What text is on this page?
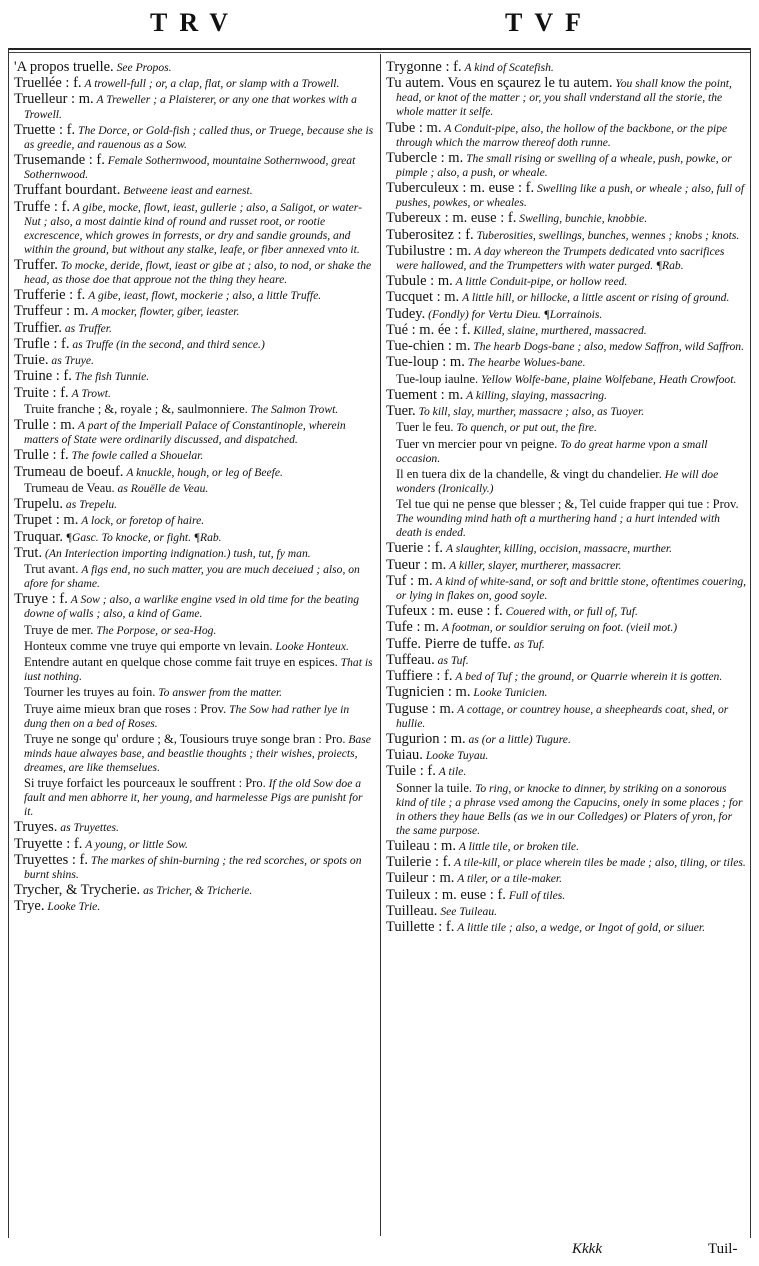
TRV	TVF
'A propos truelle. See Propos.
Truellée : f. A trowell-full ; or, a clap, flat, or slamp with a Trowell.
Truelleur : m. A Treweller ; a Plaisterer, or any one that workes with a Trowell.
Truette : f. The Dorce, or Gold-fish ; called thus, or Truege, because she is as greedie, and rauenous as a Sow.
Trusemande : f. Female Sothernwood, mountaine Sothernwood, great Sothernwood.
Truffant bourdant. Betweene ieast and earnest.
Truffe : f. A gibe, mocke, flowt, ieast, gullerie ; also, a Saligot, or water-Nut ; also, a most daintie kind of round and russet root, or rootie excrescence, which growes in forrests, or dry and sandie grounds, and within the ground, but without any stalke, leafe, or fiber annexed vnto it.
Truffer. To mocke, deride, flowt, ieast or gibe at ; also, to nod, or shake the head, as those doe that approue not the thing they heare.
Trufferie : f. A gibe, ieast, flowt, mockerie ; also, a little Truffe.
Truffeur : m. A mocker, flowter, giber, ieaster.
Truffier. as Truffer.
Trufle : f. as Truffe (in the second, and third sence.)
Truie. as Truye.
Truine : f. The fish Tunnie.
Truite : f. A Trowt.
Truite franche ; &, royale ; &, saulmonniere. The Salmon Trowt.
Trulle : m. A part of the Imperiall Palace of Constantinople, wherein matters of State were ordinarily discussed, and dispatched.
Trulle : f. The fowle called a Shouelar.
Trumeau de boeuf. A knuckle, hough, or leg of Beefe.
Trumeau de Veau. as Rouëlle de Veau.
Trupelu. as Trepelu.
Trupet : m. A lock, or foretop of haire.
Truquar. ¶Gasc. To knocke, or fight. ¶Rab.
Trut. (An Interiection importing indignation.) tush, tut, fy man.
Trut avant. A figs end, no such matter, you are much deceiued ; also, on afore for shame.
Truye : f. A Sow ; also, a warlike engine vsed in old time for the beating downe of walls ; also, a kind of Game.
Truye de mer. The Porpose, or sea-Hog.
Honteux comme vne truye qui emporte vn levain. Looke Honteux.
Entendre autant en quelque chose comme fait truye en espices. That is iust nothing.
Tourner les truyes au foin. To answer from the matter.
Truye aime mieux bran que roses : Prov. The Sow had rather lye in dung then on a bed of Roses.
Truye ne songe qu' ordure ; &, Tousiours truye songe bran : Pro. Base minds haue alwayes base, and beastlie thoughts ; their wishes, proiects, dreames, are like themselues.
Si truye forfaict les pourceaux le souffrent : Pro. If the old Sow doe a fault and men abhorre it, her young, and harmelesse Pigs are punisht for it.
Truyes. as Truyettes.
Truyette : f. A young, or little Sow.
Truyettes : f. The markes of shin-burning ; the red scorches, or spots on burnt shins.
Trycher, & Trycherie. as Tricher, & Tricherie.
Trye. Looke Trie.
Trygonne : f. A kind of Scatefish.
Tu autem. Vous en sçaurez le tu autem. You shall know the point, head, or knot of the matter ; or, you shall vnderstand all the storie, the whole matter it selfe.
Tube : m. A Conduit-pipe, also, the hollow of the backbone, or the pipe through which the marrow thereof doth runne.
Tubercle : m. The small rising or swelling of a wheale, push, powke, or pimple ; also, a push, or wheale.
Tuberculeux : m. euse : f. Swelling like a push, or wheale ; also, full of pushes, powkes, or wheales.
Tubereux : m. euse : f. Swelling, bunchie, knobbie.
Tuberositez : f. Tuberosities, swellings, bunches, wennes ; knobs ; knots.
Tubilustre : m. A day whereon the Trumpets dedicated vnto sacrifices were hallowed, and the Trumpetters with water purged. ¶Rab.
Tubule : m. A little Conduit-pipe, or hollow reed.
Tucquet : m. A little hill, or hillocke, a little ascent or rising of ground.
Tudey. (Fondly) for Vertu Dieu. ¶Lorrainois.
Tué : m. ée : f. Killed, slaine, murthered, massacred.
Tue-chien : m. The hearb Dogs-bane ; also, medow Saffron, wild Saffron.
Tue-loup : m. The hearbe Wolues-bane.
Tue-loup iaulne. Yellow Wolfe-bane, plaine Wolfebane, Heath Crowfoot.
Tuement : m. A killing, slaying, massacring.
Tuer. To kill, slay, murther, massacre ; also, as Tuoyer.
Tuer le feu. To quench, or put out, the fire.
Tuer vn mercier pour vn peigne. To do great harme vpon a small occasion.
Il en tuera dix de la chandelle, & vingt du chandelier. He will doe wonders (Ironically.)
Tel tue qui ne pense que blesser ; &, Tel cuide frapper qui tue : Prov. The wounding mind hath oft a murthering hand ; a hurt intended with death is ended.
Tuerie : f. A slaughter, killing, occision, massacre, murther.
Tueur : m. A killer, slayer, murtherer, massacrer.
Tuf : m. A kind of white-sand, or soft and brittle stone, oftentimes couering, or lying in flakes on, good soyle.
Tufeux : m. euse : f. Couered with, or full of, Tuf.
Tufe : m. A footman, or souldior seruing on foot. (vieil mot.)
Tuffe. Pierre de tuffe. as Tuf.
Tuffeau. as Tuf.
Tuffiere : f. A bed of Tuf ; the ground, or Quarrie wherein it is gotten.
Tugnicien : m. Looke Tunicien.
Tuguse : m. A cottage, or countrey house, a sheepheards coat, shed, or hullie.
Tugurion : m. as (or a little) Tugure.
Tuiau. Looke Tuyau.
Tuile : f. A tile.
Sonner la tuile. To ring, or knocke to dinner, by striking on a sonorous kind of tile ; a phrase vsed among the Capucins, onely in some places ; for in others they haue Bells (as we in our Colledges) or Platers of yron, for the same purpose.
Tuileau : m. A little tile, or broken tile.
Tuilerie : f. A tile-kill, or place wherein tiles be made ; also, tiling, or tiles.
Tuileur : m. A tiler, or a tile-maker.
Tuileux : m. euse : f. Full of tiles.
Tuilleau. See Tuileau.
Tuillette : f. A little tile ; also, a wedge, or Ingot of gold, or siluer.
Kkkk	Tuil-
